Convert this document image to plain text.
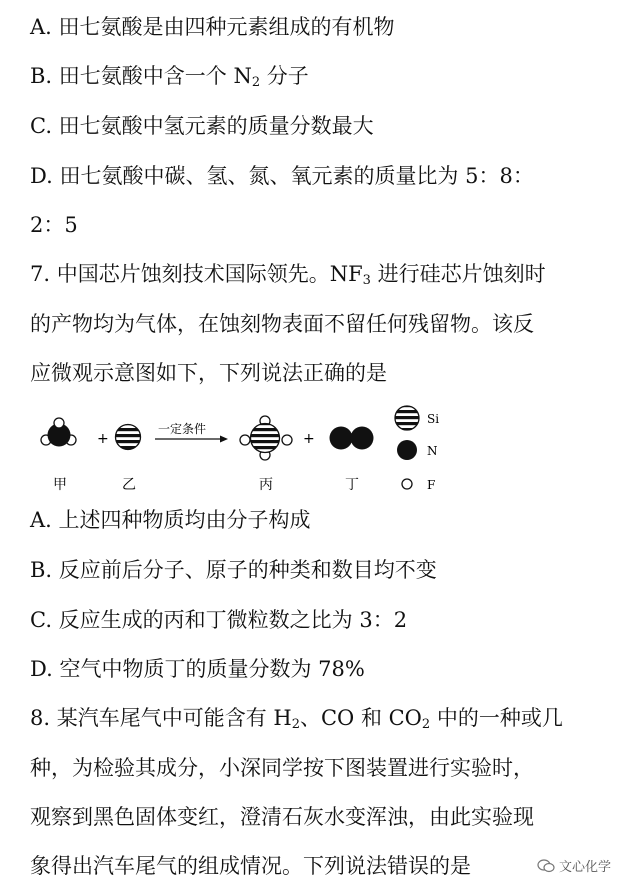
A. 田七氨酸是由四种元素组成的有机物
B. 田七氨酸中含一个 $N_2$ 分子
C. 田七氨酸中氢元素的质量分数最大
D. 田七氨酸中碳、氢、氮、氧元素的质量比为 5：8：
2：5
7. 中国芯片蚀刻技术国际领先。$NF_3$ 进行硅芯片蚀刻时
的产物均为气体，在蚀刻物表面不留任何残留物。该反
应微观示意图如下，下列说法正确的是
+
一定条件
+
甲	乙	丙	丁
Si
N
F
A. 上述四种物质均由分子构成
B. 反应前后分子、原子的种类和数目均不变
C. 反应生成的丙和丁微粒数之比为 3：2
D. 空气中物质丁的质量分数为 78%
8. 某汽车尾气中可能含有 $H_2$、CO 和 $CO_2$ 中的一种或几
种，为检验其成分，小深同学按下图装置进行实验时，
观察到黑色固体变红，澄清石灰水变浑浊，由此实验现
象得出汽车尾气的组成情况。下列说法错误的是	文心化学
